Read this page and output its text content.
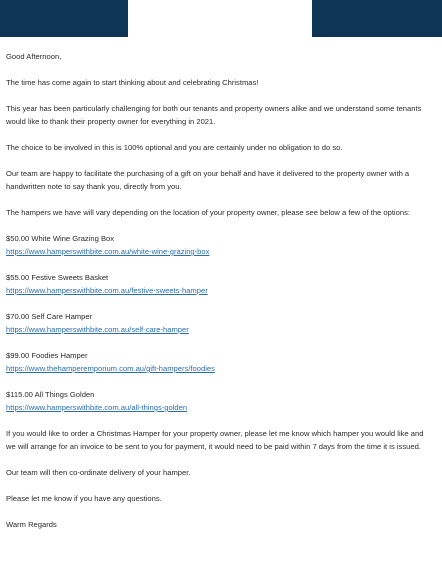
Good Afternoon,

The time has come again to start thinking about and celebrating Christmas!

This year has been particularly challenging for both our tenants and property owners alike and we understand some tenants would like to thank their property owner for everything in 2021.

The choice to be involved in this is 100% optional and you are certainly under no obligation to do so.

Our team are happy to facilitate the purchasing of a gift on your behalf and have it delivered to the property owner with a handwritten note to say thank you, directly from you.

The hampers we have will vary depending on the location of your property owner, please see below a few of the options:

$50.00 White Wine Grazing Box
https://www.hamperswithbite.com.au/white-wine-grazing-box
$55.00 Festive Sweets Basket
https://www.hamperswithbite.com.au/festive-sweets-hamper
$70.00 Self Care Hamper
https://www.hamperswithbite.com.au/self-care-hamper
$99.00 Foodies Hamper
https://www.thehamperemporium.com.au/gift-hampers/foodies
$115.00 All Things Golden
https://www.hamperswithbite.com.au/all-things-golden

If you would like to order a Christmas Hamper for your property owner, please let me know which hamper you would like and we will arrange for an invoice to be sent to you for payment, it would need to be paid within 7 days from the time it is issued.

Our team will then co-ordinate delivery of your hamper.

Please let me know if you have any questions.

Warm Regards
